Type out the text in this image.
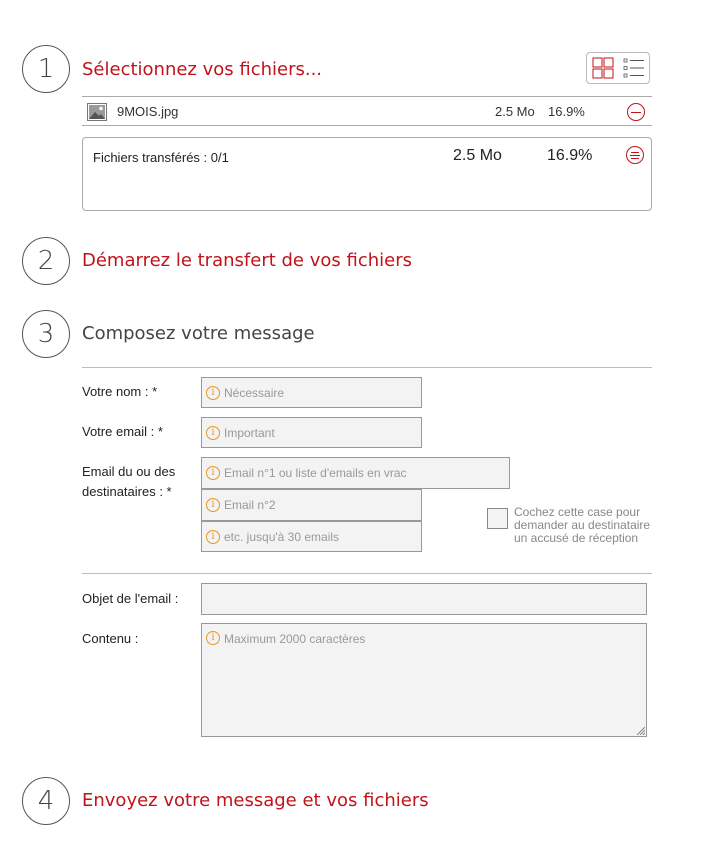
1	Sélectionnez vos fichiers...
9MOIS.jpg	2.5 Mo 16.9%
Fichiers transférés : 0/1	2.5 Mo	16.9%
2	Démarrez le transfert de vos fichiers
3	Composez votre message
Votre nom : *	i Nécessaire
Votre email : *	i Important
Email du ou des
destinataires : *
i Email n°1 ou liste d'emails en vrac
i Email n°2
i etc. jusqu'à 30 emails
Cochez cette case pour demander au destinataire un accusé de réception
Objet de l'email :
Contenu :	i Maximum 2000 caractères
4	Envoyez votre message et vos fichiers
